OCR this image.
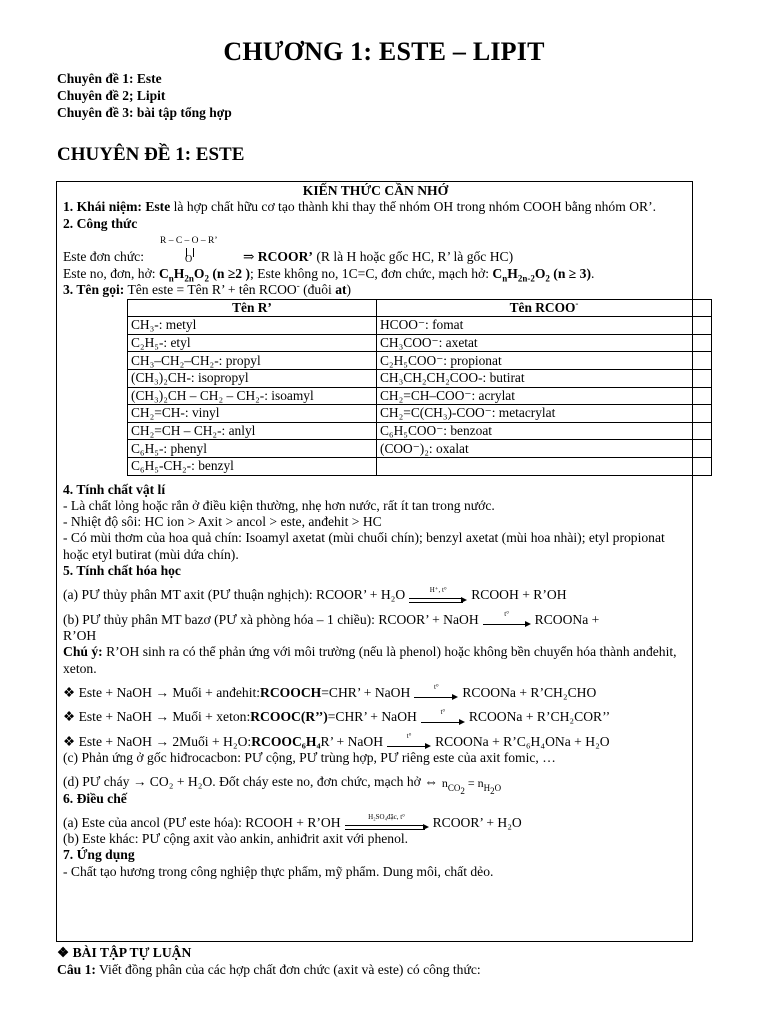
CHƯƠNG 1: ESTE – LIPIT
Chuyên đề 1: Este
Chuyên đề 2; Lipit
Chuyên đề 3: bài tập tổng hợp
CHUYÊN ĐỀ 1: ESTE
KIẾN THỨC CẦN NHỚ

1. Khái niệm: Este là hợp chất hữu cơ tạo thành khi thay thế nhóm OH trong nhóm COOH bằng nhóm OR’.

2. Công thức

R – C – O – R’
O
Este đơn chức:	⇒ RCOOR’ (R là H hoặc gốc HC, R’ là gốc HC)

Este no, đơn, hở: $C_nH_{2n}O_2$ (n ≥2 ); Este không no, 1C=C, đơn chức, mạch hở: $C_nH_{2n-2}O_2$ (n ≥ 3).

3. Tên gọi: Tên este = Tên R’ + tên RCOO- (đuôi at)

Tên R’	Tên RCOO-
CH₃-: metyl	HCOO⁻: fomat
C₂H₅-: etyl	CH₃COO⁻: axetat
CH₃–CH₂–CH₂-: propyl	C₂H₅COO⁻: propionat
(CH₃)₂CH-: isopropyl	CH₃CH₂CH₂COO-: butirat
(CH₃)₂CH – CH₂ – CH₂-: isoamyl	CH₂=CH–COO⁻: acrylat
CH₂=CH-: vinyl	CH₂=C(CH₃)-COO⁻: metacrylat
CH₂=CH – CH₂-: anlyl	C₆H₅COO⁻: benzoat
C₆H₅-: phenyl	(COO⁻)₂: oxalat
C₆H₅-CH₂-: benzyl	

4. Tính chất vật lí

- Là chất lỏng hoặc rắn ở điều kiện thường, nhẹ hơn nước, rất ít tan trong nước.

- Nhiệt độ sôi: HC ion > Axit > ancol > este, anđehit > HC

- Có mùi thơm của hoa quả chín: Isoamyl axetat (mùi chuối chín); benzyl axetat (mùi hoa nhài); etyl propionat hoặc etyl butirat (mùi dứa chín).

5. Tính chất hóa học

(a) PƯ thủy phân MT axit (PƯ thuận nghịch): RCOOR’ + H₂O	H⁺, t°	RCOOH + R’OH
(b) PƯ thủy phân MT bazơ (PƯ xà phòng hóa – 1 chiều): RCOOR’ + NaOH	t°	RCOONa +

R’OH

Chú ý: R’OH sinh ra có thể phản ứng với môi trường (nếu là phenol) hoặc không bền chuyển hóa thành anđehit, xeton.

❖ Este + NaOH → Muối + anđehit: RCOOCH =CHR’ + NaOH	t°	RCOONa + R’CH₂CHO
❖ Este + NaOH → Muối + xeton: RCOOC(R’’) =CHR’ + NaOH	t°	RCOONa + R’CH₂COR’’
❖ Este + NaOH → 2Muối + H₂O: RCOOC₆H₄ R’ + NaOH	t°	RCOONa + R’C₆H₄ONa + H₂O

(c) Phản ứng ở gốc hiđrocacbon: PƯ cộng, PƯ trùng hợp, PƯ riêng este của axit fomic, …

(d) PƯ cháy → CO₂ + H₂O. Đốt cháy este no, đơn chức, mạch hở ⇔ $n_{CO_2} = n_{H_2O}$

6. Điều chế

(a) Este của ancol (PƯ este hóa): RCOOH + R’OH	H₂SO₄đặc, t°	RCOOR’ + H₂O

(b) Este khác: PƯ cộng axit vào ankin, anhiđrit axit với phenol.

7. Ứng dụng

- Chất tạo hương trong công nghiệp thực phẩm, mỹ phẩm. Dung môi, chất dẻo.

❖ BÀI TẬP TỰ LUẬN
Câu 1: Viết đồng phân của các hợp chất đơn chức (axit và este) có công thức:
